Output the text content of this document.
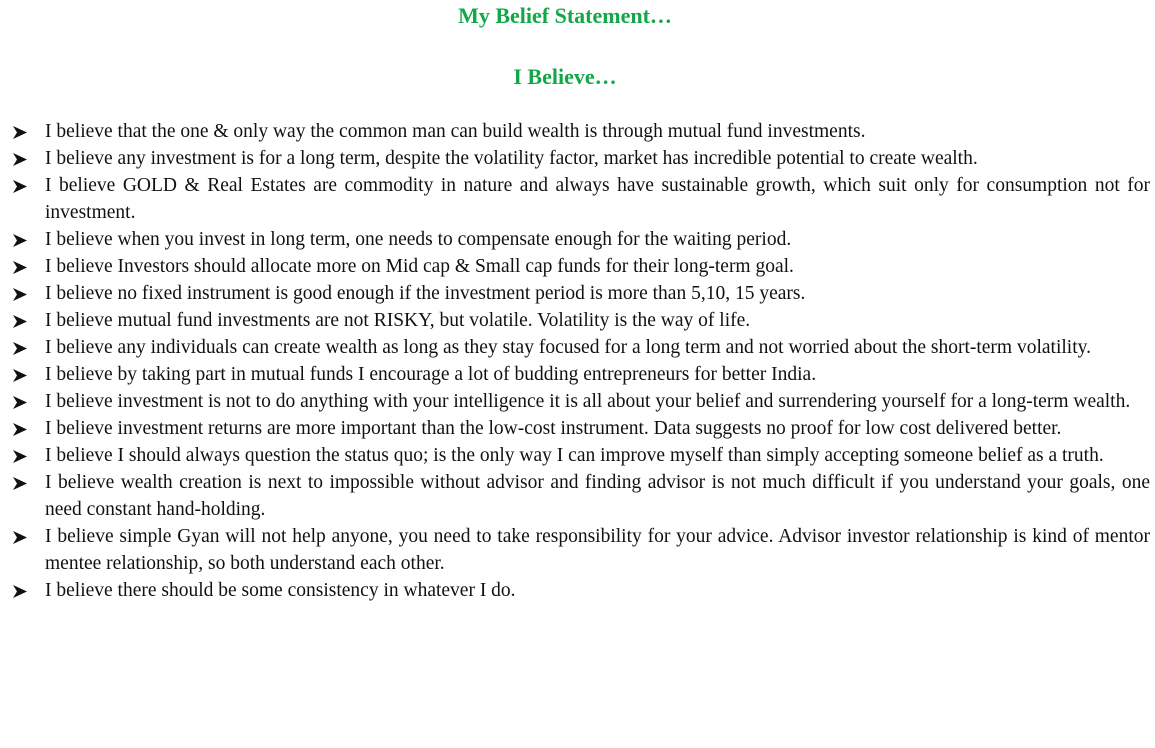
My Belief Statement…
I Believe…
I believe that the one & only way the common man can build wealth is through mutual fund investments.
I believe any investment is for a long term, despite the volatility factor, market has incredible potential to create wealth.
I believe GOLD & Real Estates are commodity in nature and always have sustainable growth, which suit only for consumption not for investment.
I believe when you invest in long term, one needs to compensate enough for the waiting period.
I believe Investors should allocate more on Mid cap & Small cap funds for their long-term goal.
I believe no fixed instrument is good enough if the investment period is more than 5,10, 15 years.
I believe mutual fund investments are not RISKY, but volatile. Volatility is the way of life.
I believe any individuals can create wealth as long as they stay focused for a long term and not worried about the short-term volatility.
I believe by taking part in mutual funds I encourage a lot of budding entrepreneurs for better India.
I believe investment is not to do anything with your intelligence it is all about your belief and surrendering yourself for a long-term wealth.
I believe investment returns are more important than the low-cost instrument. Data suggests no proof for low cost delivered better.
I believe I should always question the status quo; is the only way I can improve myself than simply accepting someone belief as a truth.
I believe wealth creation is next to impossible without advisor and finding advisor is not much difficult if you understand your goals, one need constant hand-holding.
I believe simple Gyan will not help anyone, you need to take responsibility for your advice. Advisor investor relationship is kind of mentor mentee relationship, so both understand each other.
I believe there should be some consistency in whatever I do.
